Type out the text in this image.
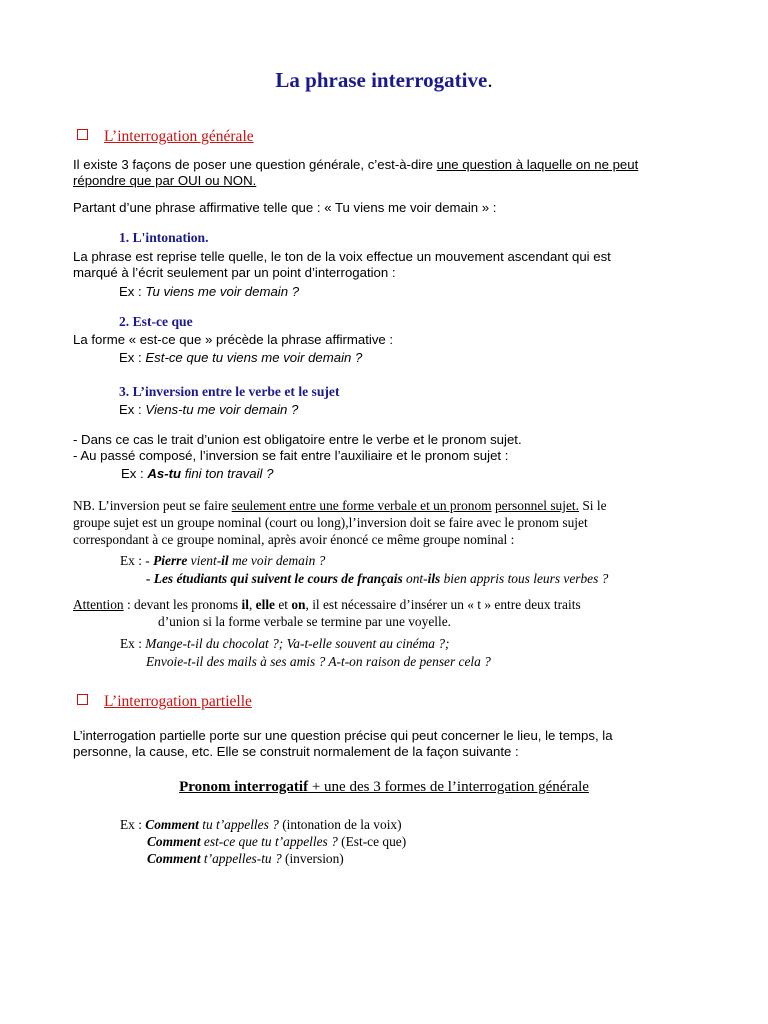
La phrase interrogative.
L’interrogation générale
Il existe 3 façons de poser une question générale, c’est-à-dire une question à laquelle on ne peut
répondre que par OUI ou NON.
Partant d’une phrase affirmative telle que : « Tu viens me voir demain » :
1. L'intonation.
La phrase est reprise telle quelle, le ton de la voix effectue un mouvement ascendant qui est
marqué à l’écrit seulement par un point d’interrogation :
Ex : Tu viens me voir demain ?
2. Est-ce que
La forme « est-ce que » précède la phrase affirmative :
Ex : Est-ce que tu viens me voir demain ?
3. L’inversion entre le verbe et le sujet
Ex : Viens-tu me voir demain ?
- Dans ce cas le trait d’union est obligatoire entre le verbe et le pronom sujet.
- Au passé composé, l’inversion se fait entre l’auxiliaire et le pronom sujet :
Ex : As-tu fini ton travail ?
NB. L’inversion peut se faire seulement entre une forme verbale et un pronom personnel sujet. Si le
groupe sujet est un groupe nominal (court ou long),l’inversion doit se faire avec le pronom sujet
correspondant à ce groupe nominal, après avoir énoncé ce même groupe nominal :
Ex : - Pierre vient-il me voir demain ?
- Les étudiants qui suivent le cours de français ont-ils bien appris tous leurs verbes ?
Attention : devant les pronoms il, elle et on, il est nécessaire d’insérer un « t » entre deux traits
d’union si la forme verbale se termine par une voyelle.
Ex : Mange-t-il du chocolat ?; Va-t-elle souvent au cinéma ?;
Envoie-t-il des mails à ses amis ? A-t-on raison de penser cela ?
L’interrogation partielle
L’interrogation partielle porte sur une question précise qui peut concerner le lieu, le temps, la
personne, la cause, etc. Elle se construit normalement de la façon suivante :
Pronom interrogatif + une des 3 formes de l’interrogation générale
Ex : Comment tu t’appelles ? (intonation de la voix)
Comment est-ce que tu t’appelles ? (Est-ce que)
Comment t’appelles-tu ? (inversion)
